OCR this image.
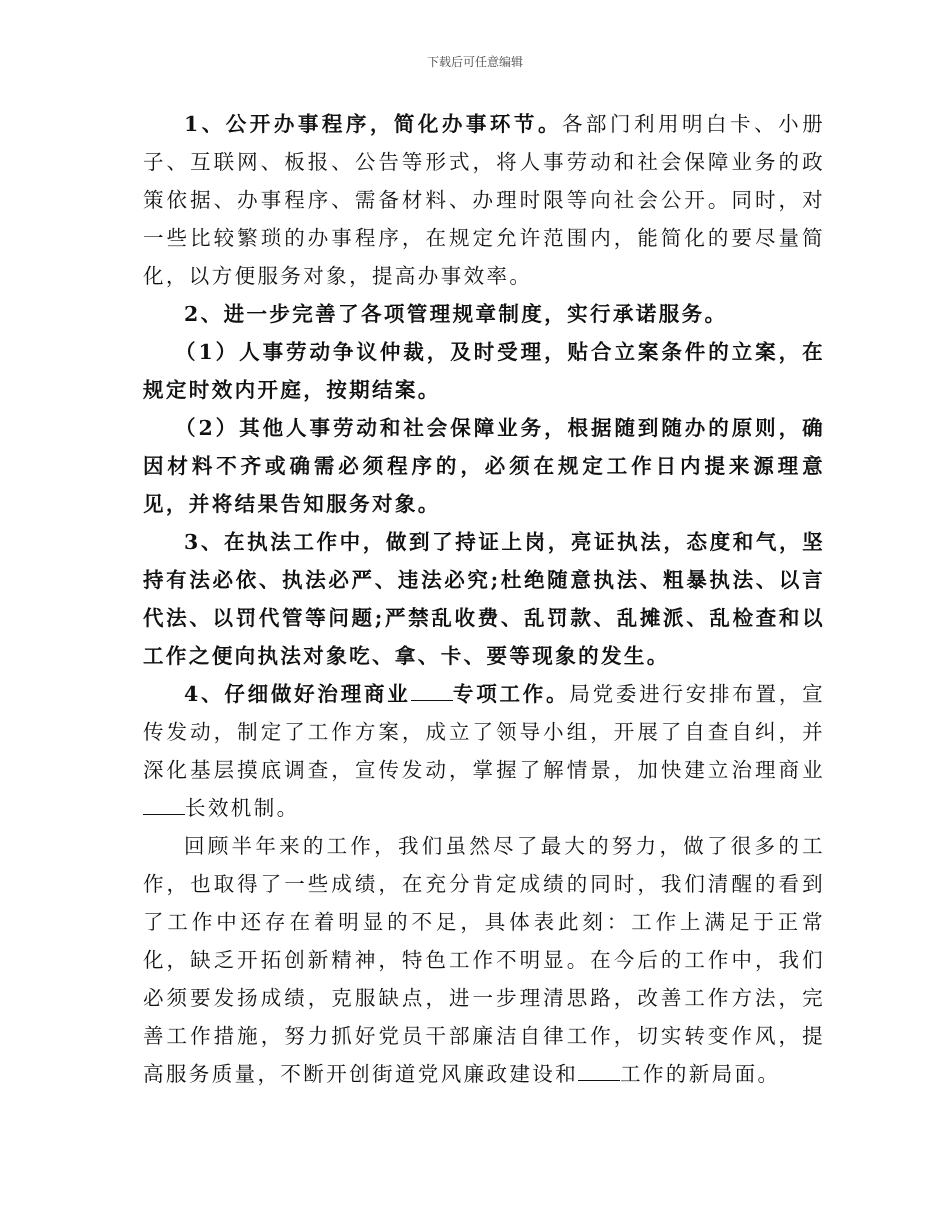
下载后可任意编辑

1、公开办事程序，简化办事环节。各部门利用明白卡、小册子、互联网、板报、公告等形式，将人事劳动和社会保障业务的政策依据、办事程序、需备材料、办理时限等向社会公开。同时，对一些比较繁琐的办事程序，在规定允许范围内，能简化的要尽量简化，以方便服务对象，提高办事效率。

2、进一步完善了各项管理规章制度，实行承诺服务。

（1）人事劳动争议仲裁，及时受理，贴合立案条件的立案，在规定时效内开庭，按期结案。

（2）其他人事劳动和社会保障业务，根据随到随办的原则，确因材料不齐或确需必须程序的，必须在规定工作日内提来源理意见，并将结果告知服务对象。

3、在执法工作中，做到了持证上岗，亮证执法，态度和气，坚持有法必依、执法必严、违法必究;杜绝随意执法、粗暴执法、以言代法、以罚代管等问题;严禁乱收费、乱罚款、乱摊派、乱检查和以工作之便向执法对象吃、拿、卡、要等现象的发生。

4、仔细做好治理商业 专项工作。局党委进行安排布置，宣传发动，制定了工作方案，成立了领导小组，开展了自查自纠，并深化基层摸底调查，宣传发动，掌握了解情景，加快建立治理商业长效机制。

回顾半年来的工作，我们虽然尽了最大的努力，做了很多的工作，也取得了一些成绩，在充分肯定成绩的同时，我们清醒的看到了工作中还存在着明显的不足，具体表此刻：工作上满足于正常化，缺乏开拓创新精神，特色工作不明显。在今后的工作中，我们必须要发扬成绩，克服缺点，进一步理清思路，改善工作方法，完善工作措施，努力抓好党员干部廉洁自律工作，切实转变作风，提高服务质量，不断开创街道党风廉政建设和 工作的新局面。
